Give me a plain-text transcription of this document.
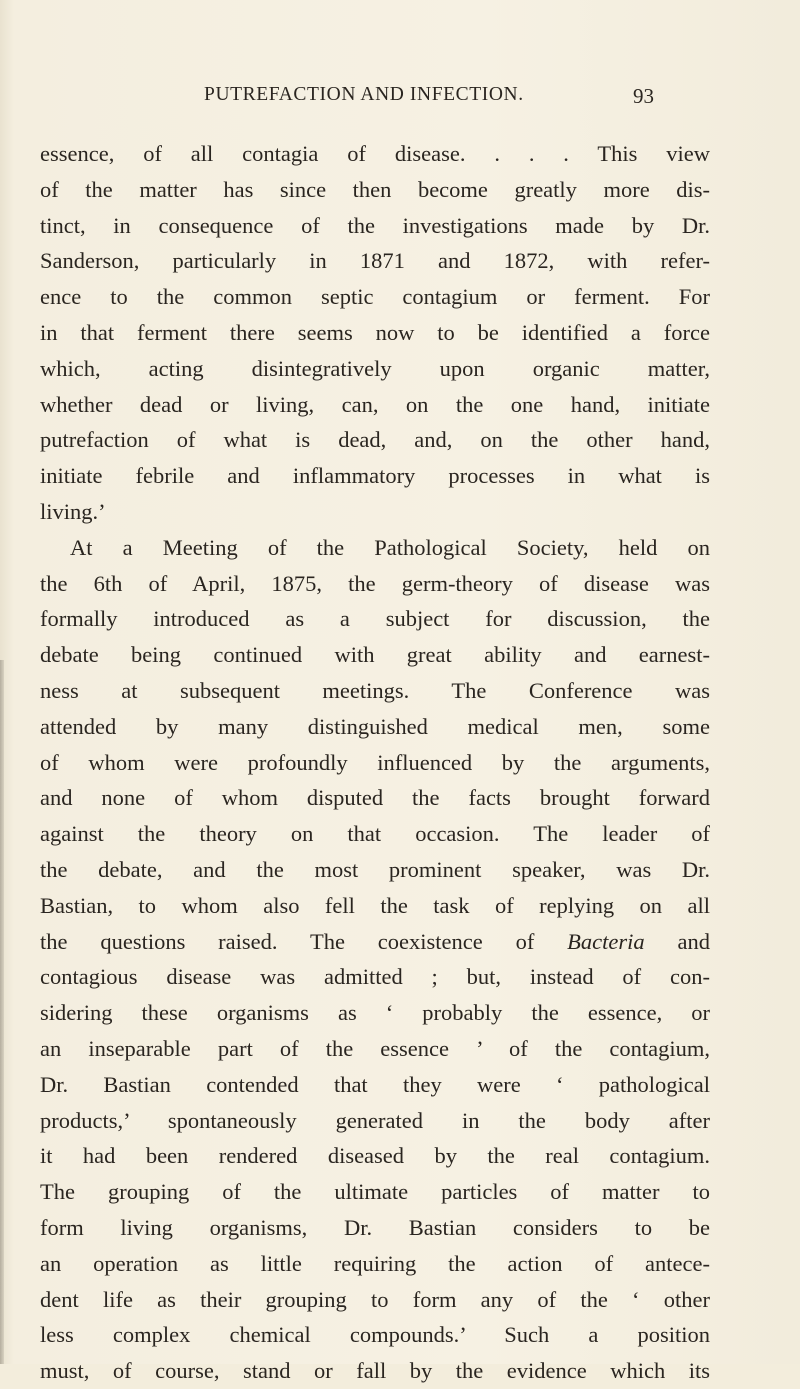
PUTREFACTION AND INFECTION.	93
essence, of all contagia of disease. . . . This view
of the matter has since then become greatly more dis-
tinct, in consequence of the investigations made by Dr.
Sanderson, particularly in 1871 and 1872, with refer-
ence to the common septic contagium or ferment. For
in that ferment there seems now to be identified a force
which, acting disintegratively upon organic matter,
whether dead or living, can, on the one hand, initiate
putrefaction of what is dead, and, on the other hand,
initiate febrile and inflammatory processes in what is
living.’
At a Meeting of the Pathological Society, held on
the 6th of April, 1875, the germ-theory of disease was
formally introduced as a subject for discussion, the
debate being continued with great ability and earnest-
ness at subsequent meetings. The Conference was
attended by many distinguished medical men, some
of whom were profoundly influenced by the arguments,
and none of whom disputed the facts brought forward
against the theory on that occasion. The leader of
the debate, and the most prominent speaker, was Dr.
Bastian, to whom also fell the task of replying on all
the questions raised. The coexistence of Bacteria and
contagious disease was admitted ; but, instead of con-
sidering these organisms as ‘ probably the essence, or
an inseparable part of the essence ’ of the contagium,
Dr. Bastian contended that they were ‘ pathological
products,’ spontaneously generated in the body after
it had been rendered diseased by the real contagium.
The grouping of the ultimate particles of matter to
form living organisms, Dr. Bastian considers to be
an operation as little requiring the action of antece-
dent life as their grouping to form any of the ‘ other
less complex chemical compounds.’ Such a position
must, of course, stand or fall by the evidence which its
